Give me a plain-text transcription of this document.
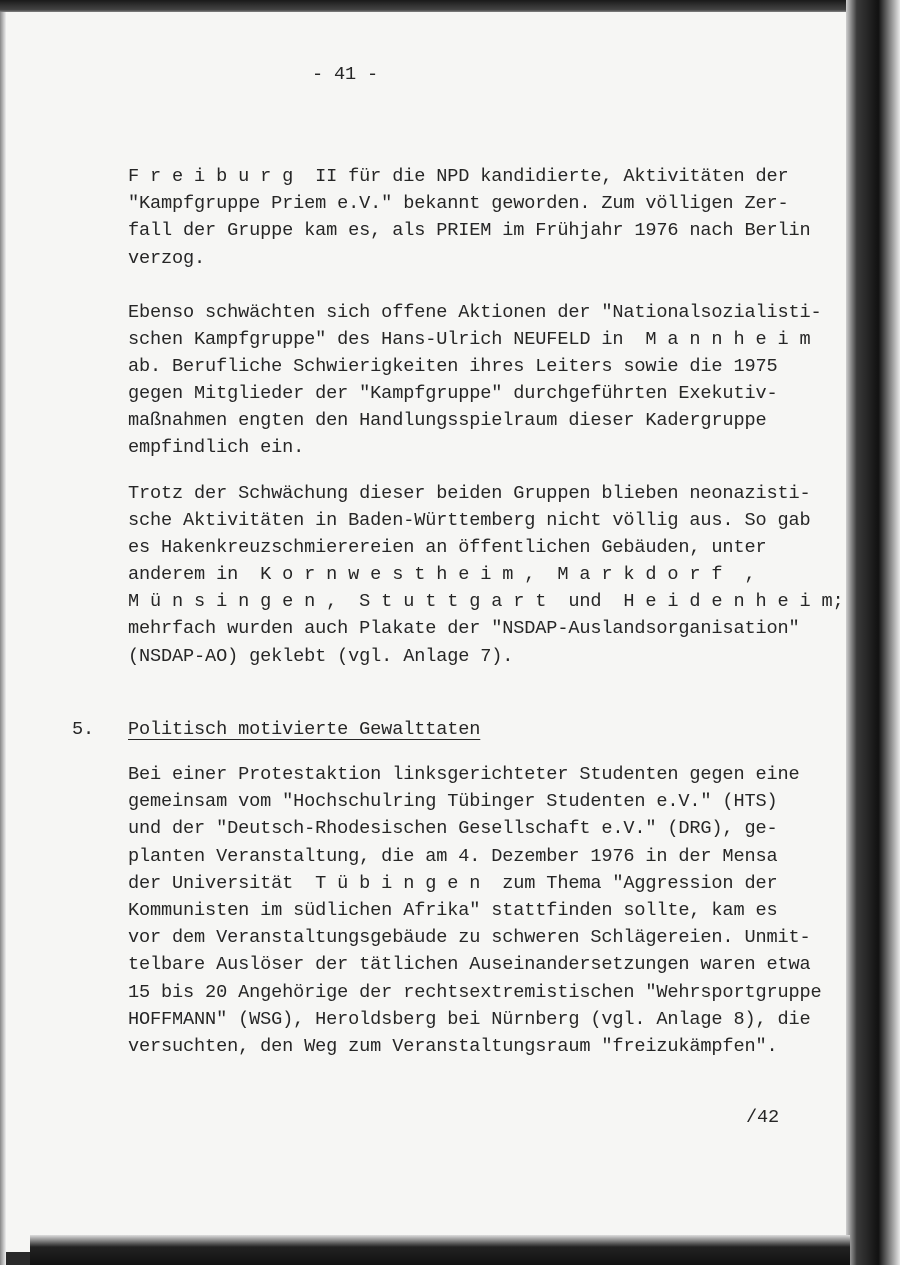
- 41 -
F r e i b u r g  II für die NPD kandidierte, Aktivitäten der
"Kampfgruppe Priem e.V." bekannt geworden. Zum völligen Zer-
fall der Gruppe kam es, als PRIEM im Frühjahr 1976 nach Berlin
verzog.
Ebenso schwächten sich offene Aktionen der "Nationalsozialisti-
schen Kampfgruppe" des Hans-Ulrich NEUFELD in  M a n n h e i m
ab. Berufliche Schwierigkeiten ihres Leiters sowie die 1975
gegen Mitglieder der "Kampfgruppe" durchgeführten Exekutiv-
maßnahmen engten den Handlungsspielraum dieser Kadergruppe
empfindlich ein.
Trotz der Schwächung dieser beiden Gruppen blieben neonazisti-
sche Aktivitäten in Baden-Württemberg nicht völlig aus. So gab
es Hakenkreuzschmierereien an öffentlichen Gebäuden, unter
anderem in  K o r n w e s t h e i m ,  M a r k d o r f  ,
M ü n s i n g e n ,  S t u t t g a r t  und  H e i d e n h e i m;
mehrfach wurden auch Plakate der "NSDAP-Auslandsorganisation"
(NSDAP-AO) geklebt (vgl. Anlage 7).
Bei einer Protestaktion linksgerichteter Studenten gegen eine
gemeinsam vom "Hochschulring Tübinger Studenten e.V." (HTS)
und der "Deutsch-Rhodesischen Gesellschaft e.V." (DRG), ge-
planten Veranstaltung, die am 4. Dezember 1976 in der Mensa
der Universität  T ü b i n g e n  zum Thema "Aggression der
Kommunisten im südlichen Afrika" stattfinden sollte, kam es
vor dem Veranstaltungsgebäude zu schweren Schlägereien. Unmit-
telbare Auslöser der tätlichen Auseinandersetzungen waren etwa
15 bis 20 Angehörige der rechtsextremistischen "Wehrsportgruppe
HOFFMANN" (WSG), Heroldsberg bei Nürnberg (vgl. Anlage 8), die
versuchten, den Weg zum Veranstaltungsraum "freizukämpfen".
5. Politisch motivierte Gewalttaten
/42
